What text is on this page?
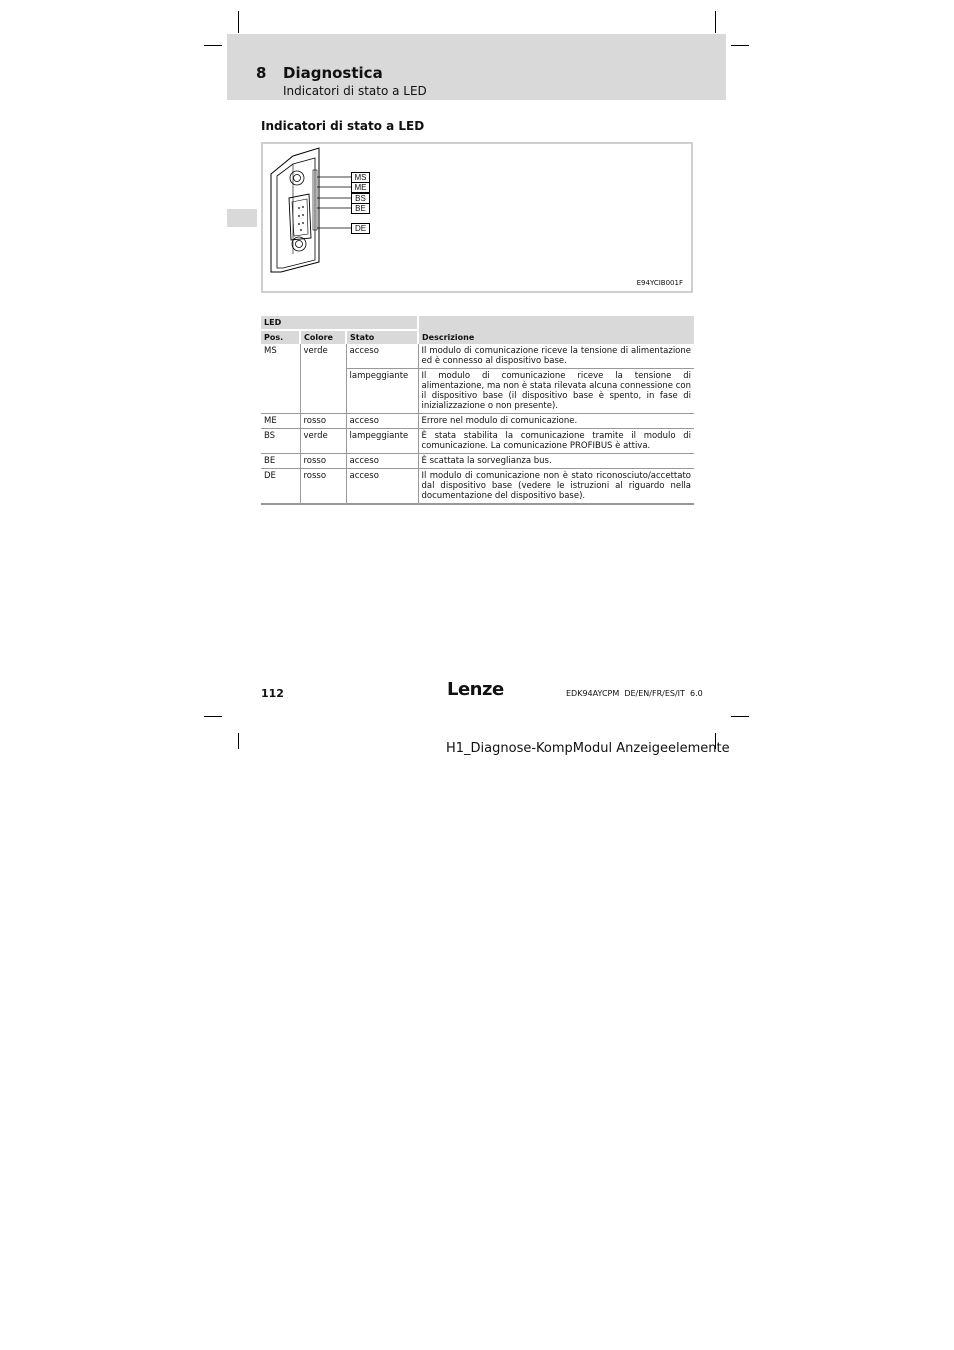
8 Diagnostica
Indicatori di stato a LED
Indicatori di stato a LED
MS
ME
BS
BE
DE
E94YCIB001F
LED			Descrizione
Pos.	Colore	Stato	
MS	verde	acceso	Il modulo di comunicazione riceve la tensione di alimentazione ed è connesso al dispositivo base.
		lampeggiante	Il modulo di comunicazione riceve la tensione di alimentazione, ma non è stata rilevata alcuna connessione con il dispositivo base (il dispositivo base è spento, in fase di inizializzazione o non presente).
ME	rosso	acceso	Errore nel modulo di comunicazione.
BS	verde	lampeggiante	È stata stabilita la comunicazione tramite il modulo di comunicazione. La comunicazione PROFIBUS è attiva.
BE	rosso	acceso	È scattata la sorveglianza bus.
DE	rosso	acceso	Il modulo di comunicazione non è stato riconosciuto/accettato dal dispositivo base (vedere le istruzioni al riguardo nella documentazione del dispositivo base).
112	Lenze	EDK94AYCPM  DE/EN/FR/ES/IT  6.0
H1_Diagnose-KompModul Anzeigeelemente
